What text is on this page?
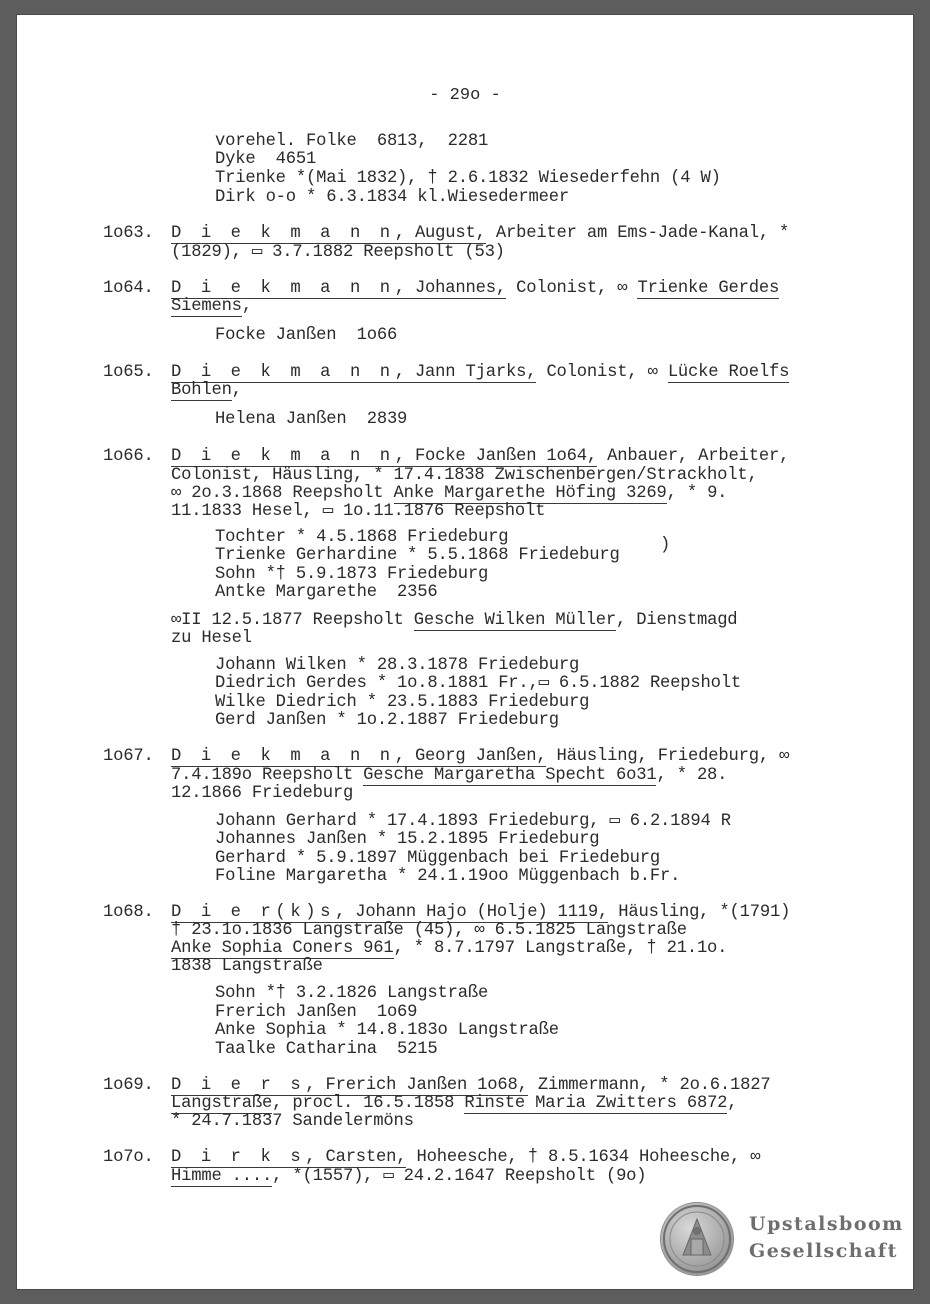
- 29o -
vorehel. Folke  6813,  2281
Dyke  4651
Trienke *(Mai 1832), † 2.6.1832 Wiesederfehn (4 W)
Dirk o-o * 6.3.1834 kl.Wiesedermeer
1o63. D i e k m a n n, August, Arbeiter am Ems-Jade-Kanal, *
(1829), ▭ 3.7.1882 Reepsholt (53)
1o64. D i e k m a n n, Johannes, Colonist, ∞ Trienke Gerdes
Siemens,
Focke Janßen  1o66
1o65. D i e k m a n n, Jann Tjarks, Colonist, ∞ Lücke Roelfs
Bohlen,
Helena Janßen  2839
1o66. D i e k m a n n, Focke Janßen 1o64, Anbauer, Arbeiter,
Colonist, Häusling, * 17.4.1838 Zwischenbergen/Strackholt,
∞ 2o.3.1868 Reepsholt Anke Margarethe Höfing 3269, * 9.
11.1833 Hesel, ▭ 1o.11.1876 Reepsholt
Tochter * 4.5.1868 Friedeburg
Trienke Gerhardine * 5.5.1868 Friedeburg
Sohn *† 5.9.1873 Friedeburg
Antke Margarethe  2356
)
∞II 12.5.1877 Reepsholt Gesche Wilken Müller, Dienstmagd
zu Hesel
Johann Wilken * 28.3.1878 Friedeburg
Diedrich Gerdes * 1o.8.1881 Fr.,▭ 6.5.1882 Reepsholt
Wilke Diedrich * 23.5.1883 Friedeburg
Gerd Janßen * 1o.2.1887 Friedeburg
1o67. D i e k m a n n, Georg Janßen, Häusling, Friedeburg, ∞
7.4.189o Reepsholt Gesche Margaretha Specht 6o31, * 28.
12.1866 Friedeburg
Johann Gerhard * 17.4.1893 Friedeburg, ▭ 6.2.1894 R
Johannes Janßen * 15.2.1895 Friedeburg
Gerhard * 5.9.1897 Müggenbach bei Friedeburg
Foline Margaretha * 24.1.19oo Müggenbach b.Fr.
1o68. D i e r(k)s, Johann Hajo (Holje) 1119, Häusling, *(1791)
† 23.1o.1836 Langstraße (45), ∞ 6.5.1825 Langstraße
Anke Sophia Coners 961, * 8.7.1797 Langstraße, † 21.1o.
1838 Langstraße
Sohn *† 3.2.1826 Langstraße
Frerich Janßen  1o69
Anke Sophia * 14.8.183o Langstraße
Taalke Catharina  5215
1o69. D i e r s, Frerich Janßen 1o68, Zimmermann, * 2o.6.1827
Langstraße, procl. 16.5.1858 Rinste Maria Zwitters 6872,
* 24.7.1837 Sandelermöns
1o7o. D i r k s, Carsten, Hoheesche, † 8.5.1634 Hoheesche, ∞
Himme ...., *(1557), ▭ 24.2.1647 Reepsholt (9o)
Upstalsboom
Gesellschaft
